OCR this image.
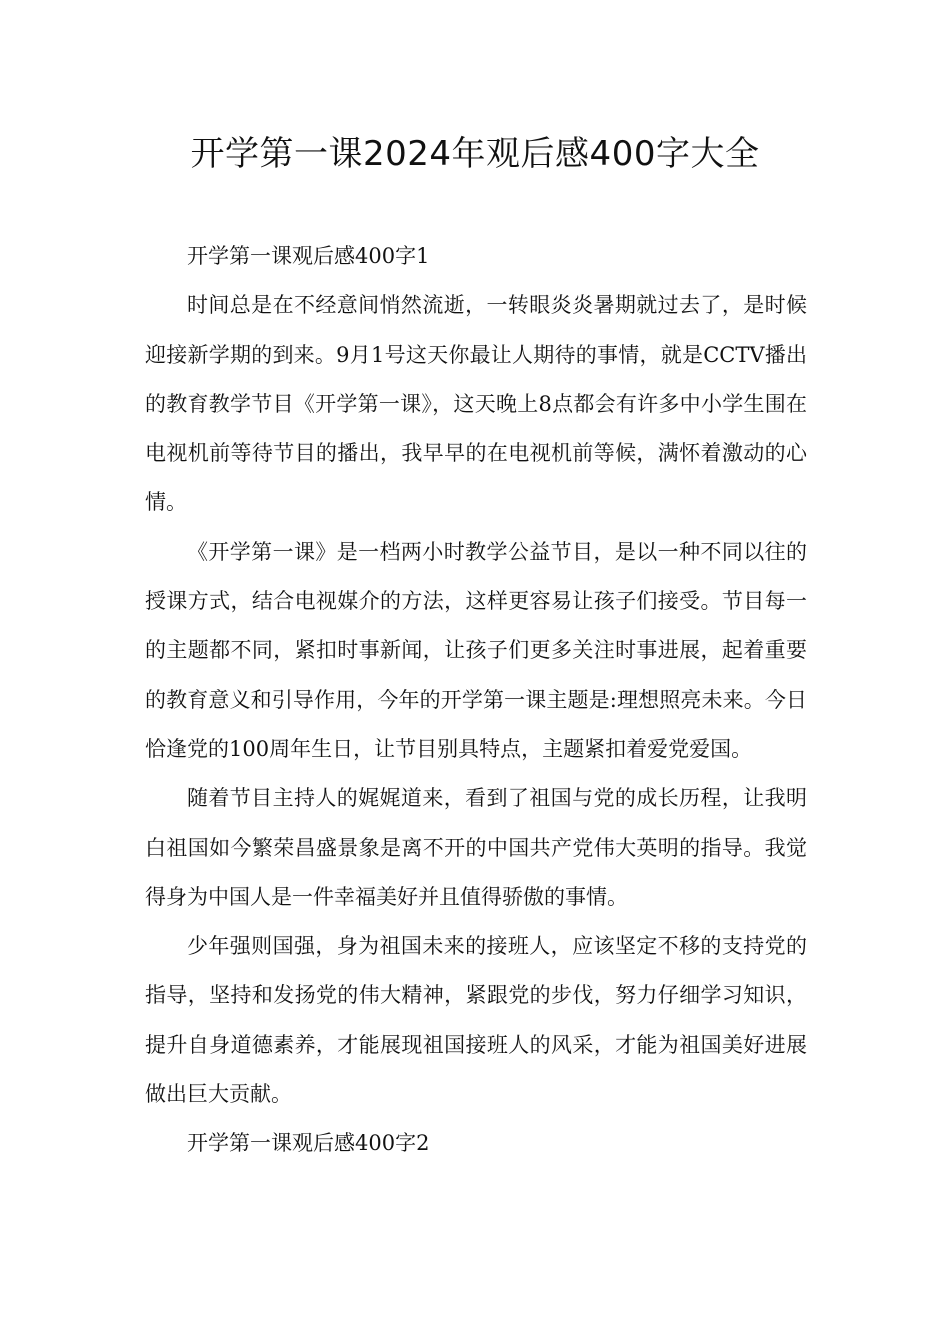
开学第一课2024年观后感400字大全

开学第一课观后感400字1

时间总是在不经意间悄然流逝，一转眼炎炎暑期就过去了，是时候迎接新学期的到来。9月1号这天你最让人期待的事情，就是CCTV播出的教育教学节目《开学第一课》，这天晚上8点都会有许多中小学生围在电视机前等待节目的播出，我早早的在电视机前等候，满怀着激动的心情。

《开学第一课》是一档两小时教学公益节目，是以一种不同以往的授课方式，结合电视媒介的方法，这样更容易让孩子们接受。节目每一的主题都不同，紧扣时事新闻，让孩子们更多关注时事进展，起着重要的教育意义和引导作用，今年的开学第一课主题是:理想照亮未来。今日恰逢党的100周年生日，让节目别具特点，主题紧扣着爱党爱国。

随着节目主持人的娓娓道来，看到了祖国与党的成长历程，让我明白祖国如今繁荣昌盛景象是离不开的中国共产党伟大英明的指导。我觉得身为中国人是一件幸福美好并且值得骄傲的事情。

少年强则国强，身为祖国未来的接班人，应该坚定不移的支持党的指导，坚持和发扬党的伟大精神，紧跟党的步伐，努力仔细学习知识，提升自身道德素养，才能展现祖国接班人的风采，才能为祖国美好进展做出巨大贡献。

开学第一课观后感400字2
